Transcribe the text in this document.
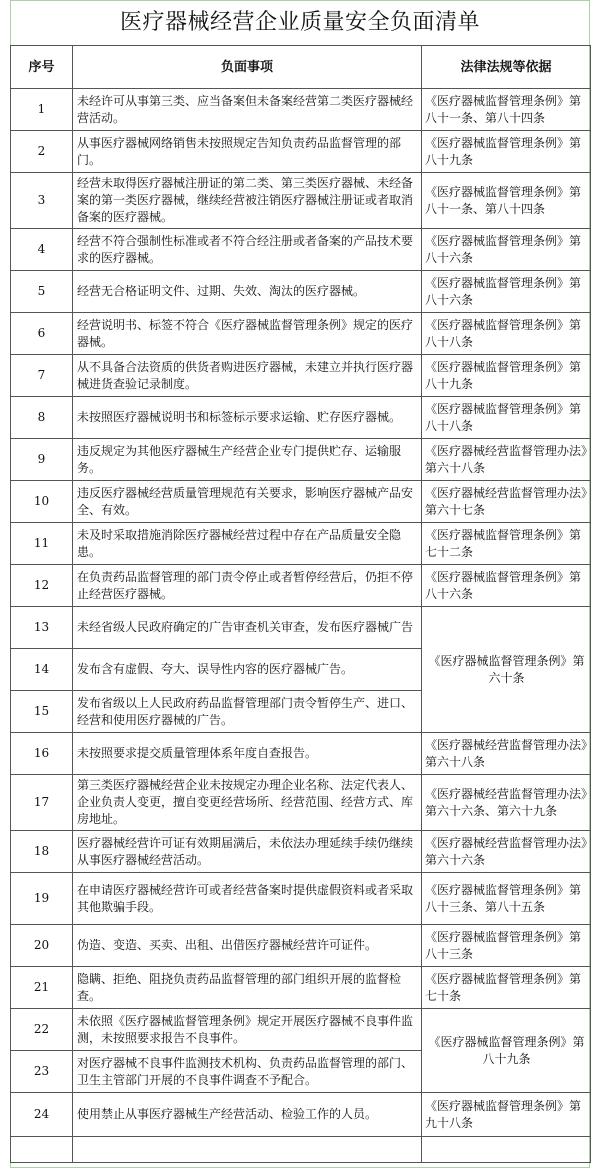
医疗器械经营企业质量安全负面清单
序号	负面事项	法律法规等依据
1	未经许可从事第三类、应当备案但未备案经营第二类医疗器械经营活动。	《医疗器械监督管理条例》第八十一条、第八十四条
2	从事医疗器械网络销售未按照规定告知负责药品监督管理的部门。	《医疗器械监督管理条例》第八十九条
3	经营未取得医疗器械注册证的第二类、第三类医疗器械、未经备案的第一类医疗器械，继续经营被注销医疗器械注册证或者取消备案的医疗器械。	《医疗器械监督管理条例》第八十一条、第八十四条
4	经营不符合强制性标准或者不符合经注册或者备案的产品技术要求的医疗器械。	《医疗器械监督管理条例》第八十六条
5	经营无合格证明文件、过期、失效、淘汰的医疗器械。	《医疗器械监督管理条例》第八十六条
6	经营说明书、标签不符合《医疗器械监督管理条例》规定的医疗器械。	《医疗器械监督管理条例》第八十八条
7	从不具备合法资质的供货者购进医疗器械，未建立并执行医疗器械进货查验记录制度。	《医疗器械监督管理条例》第八十九条
8	未按照医疗器械说明书和标签标示要求运输、贮存医疗器械。	《医疗器械监督管理条例》第八十八条
9	违反规定为其他医疗器械生产经营企业专门提供贮存、运输服务。	《医疗器械经营监督管理办法》第六十八条
10	违反医疗器械经营质量管理规范有关要求，影响医疗器械产品安全、有效。	《医疗器械经营监督管理办法》第六十七条
11	未及时采取措施消除医疗器械经营过程中存在产品质量安全隐患。	《医疗器械监督管理条例》第七十二条
12	在负责药品监督管理的部门责令停止或者暂停经营后，仍拒不停止经营医疗器械。	《医疗器械监督管理条例》第八十六条
13	未经省级人民政府确定的广告审查机关审查，发布医疗器械广告	《医疗器械监督管理条例》第六十条
14	发布含有虚假、夸大、误导性内容的医疗器械广告。	
15	发布省级以上人民政府药品监督管理部门责令暂停生产、进口、经营和使用医疗器械的广告。	
16	未按照要求提交质量管理体系年度自查报告。	《医疗器械经营监督管理办法》第六十八条
17	第三类医疗器械经营企业未按规定办理企业名称、法定代表人、企业负责人变更，擅自变更经营场所、经营范围、经营方式、库房地址。	《医疗器械经营监督管理办法》第六十六条、第六十九条
18	医疗器械经营许可证有效期届满后，未依法办理延续手续仍继续从事医疗器械经营活动。	《医疗器械经营监督管理办法》第六十六条
19	在申请医疗器械经营许可或者经营备案时提供虚假资料或者采取其他欺骗手段。	《医疗器械监督管理条例》第八十三条、第八十五条
20	伪造、变造、买卖、出租、出借医疗器械经营许可证件。	《医疗器械监督管理条例》第八十三条
21	隐瞒、拒绝、阻挠负责药品监督管理的部门组织开展的监督检查。	《医疗器械监督管理条例》第七十条
22	未依照《医疗器械监督管理条例》规定开展医疗器械不良事件监测，未按照要求报告不良事件。	《医疗器械监督管理条例》第八十九条
23	对医疗器械不良事件监测技术机构、负责药品监督管理的部门、卫生主管部门开展的不良事件调查不予配合。	
24	使用禁止从事医疗器械生产经营活动、检验工作的人员。	《医疗器械监督管理条例》第九十八条
